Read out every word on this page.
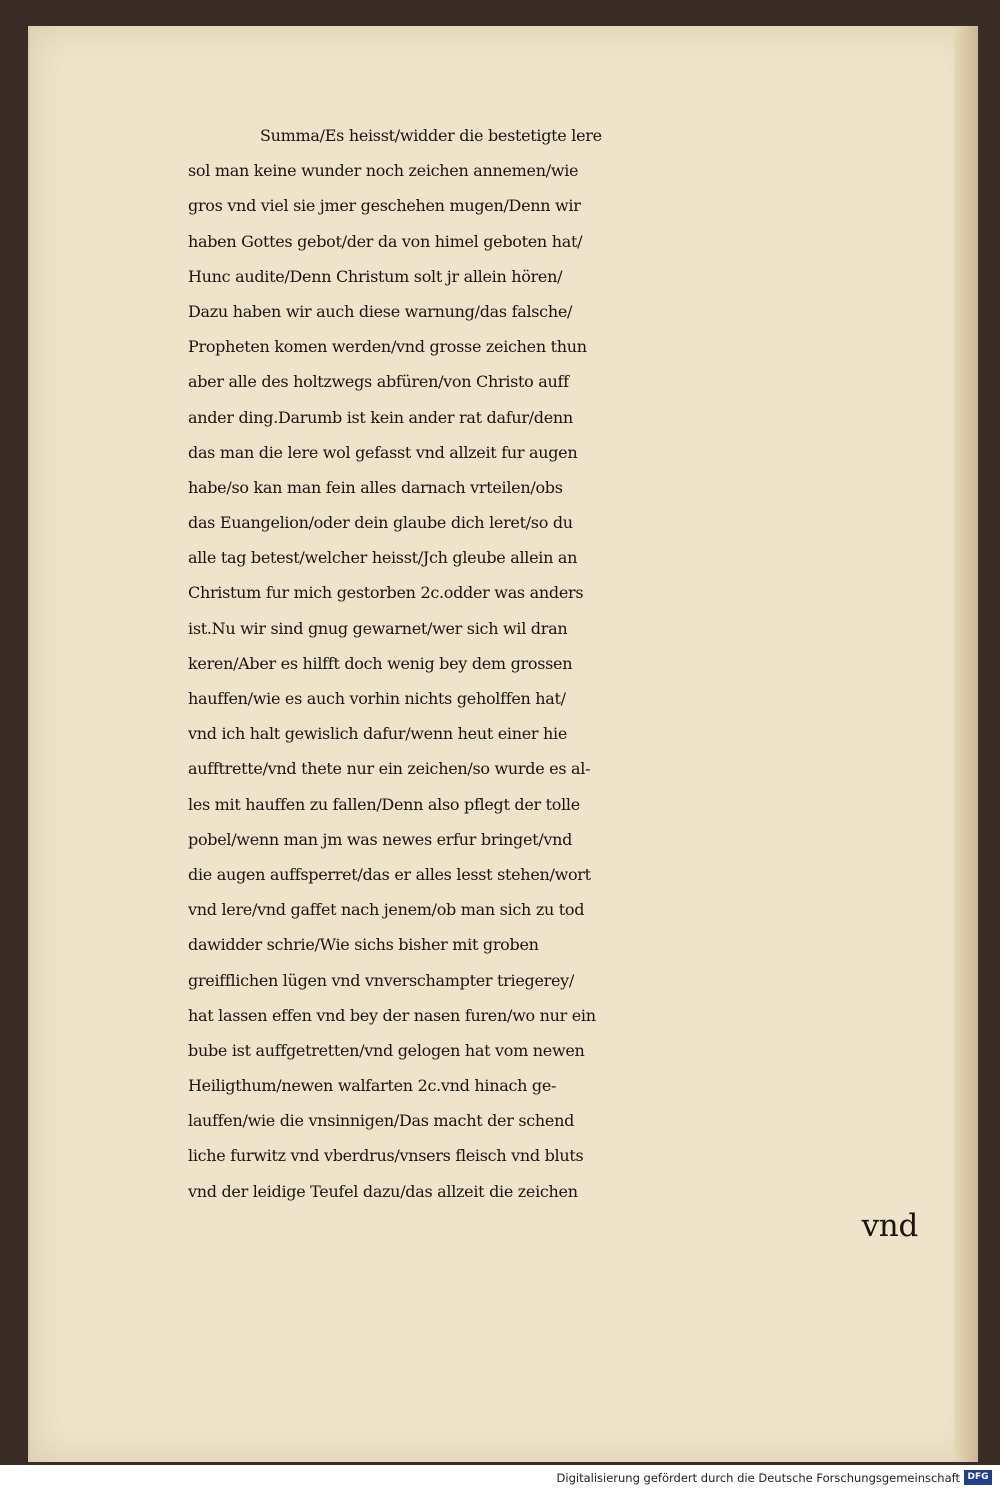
Summa/Es heisst/widder die bestetigte lere
sol man keine wunder noch zeichen annemen/wie
gros vnd viel sie jmer geschehen mugen/Denn wir
haben Gottes gebot/der da von himel geboten hat/
Hunc audite/Denn Christum solt jr allein hören/
Dazu haben wir auch diese warnung/das falsche/
Propheten komen werden/vnd grosse zeichen thun
aber alle des holtzwegs abfüren/von Christo auff
ander ding.Darumb ist kein ander rat dafur/denn
das man die lere wol gefasst vnd allzeit fur augen
habe/so kan man fein alles darnach vrteilen/obs
das Euangelion/oder dein glaube dich leret/so du
alle tag betest/welcher heisst/Jch gleube allein an
Christum fur mich gestorben 2c.odder was anders
ist.Nu wir sind gnug gewarnet/wer sich wil dran
keren/Aber es hilfft doch wenig bey dem grossen
hauffen/wie es auch vorhin nichts geholffen hat/
vnd ich halt gewislich dafur/wenn heut einer hie
aufftrette/vnd thete nur ein zeichen/so wurde es al-
les mit hauffen zu fallen/Denn also pflegt der tolle
pobel/wenn man jm was newes erfur bringet/vnd
die augen auffsperret/das er alles lesst stehen/wort
vnd lere/vnd gaffet nach jenem/ob man sich zu tod
dawidder schrie/Wie sichs bisher mit groben
greifflichen lügen vnd vnverschampter triegerey/
hat lassen effen vnd bey der nasen furen/wo nur ein
bube ist auffgetretten/vnd gelogen hat vom newen
Heiligthum/newen walfarten 2c.vnd hinach ge-
lauffen/wie die vnsinnigen/Das macht der schend
liche furwitz vnd vberdrus/vnsers fleisch vnd bluts
vnd der leidige Teufel dazu/das allzeit die zeichen
vnd
Digitalisierung gefördert durch die Deutsche Forschungsgemeinschaft DFG
